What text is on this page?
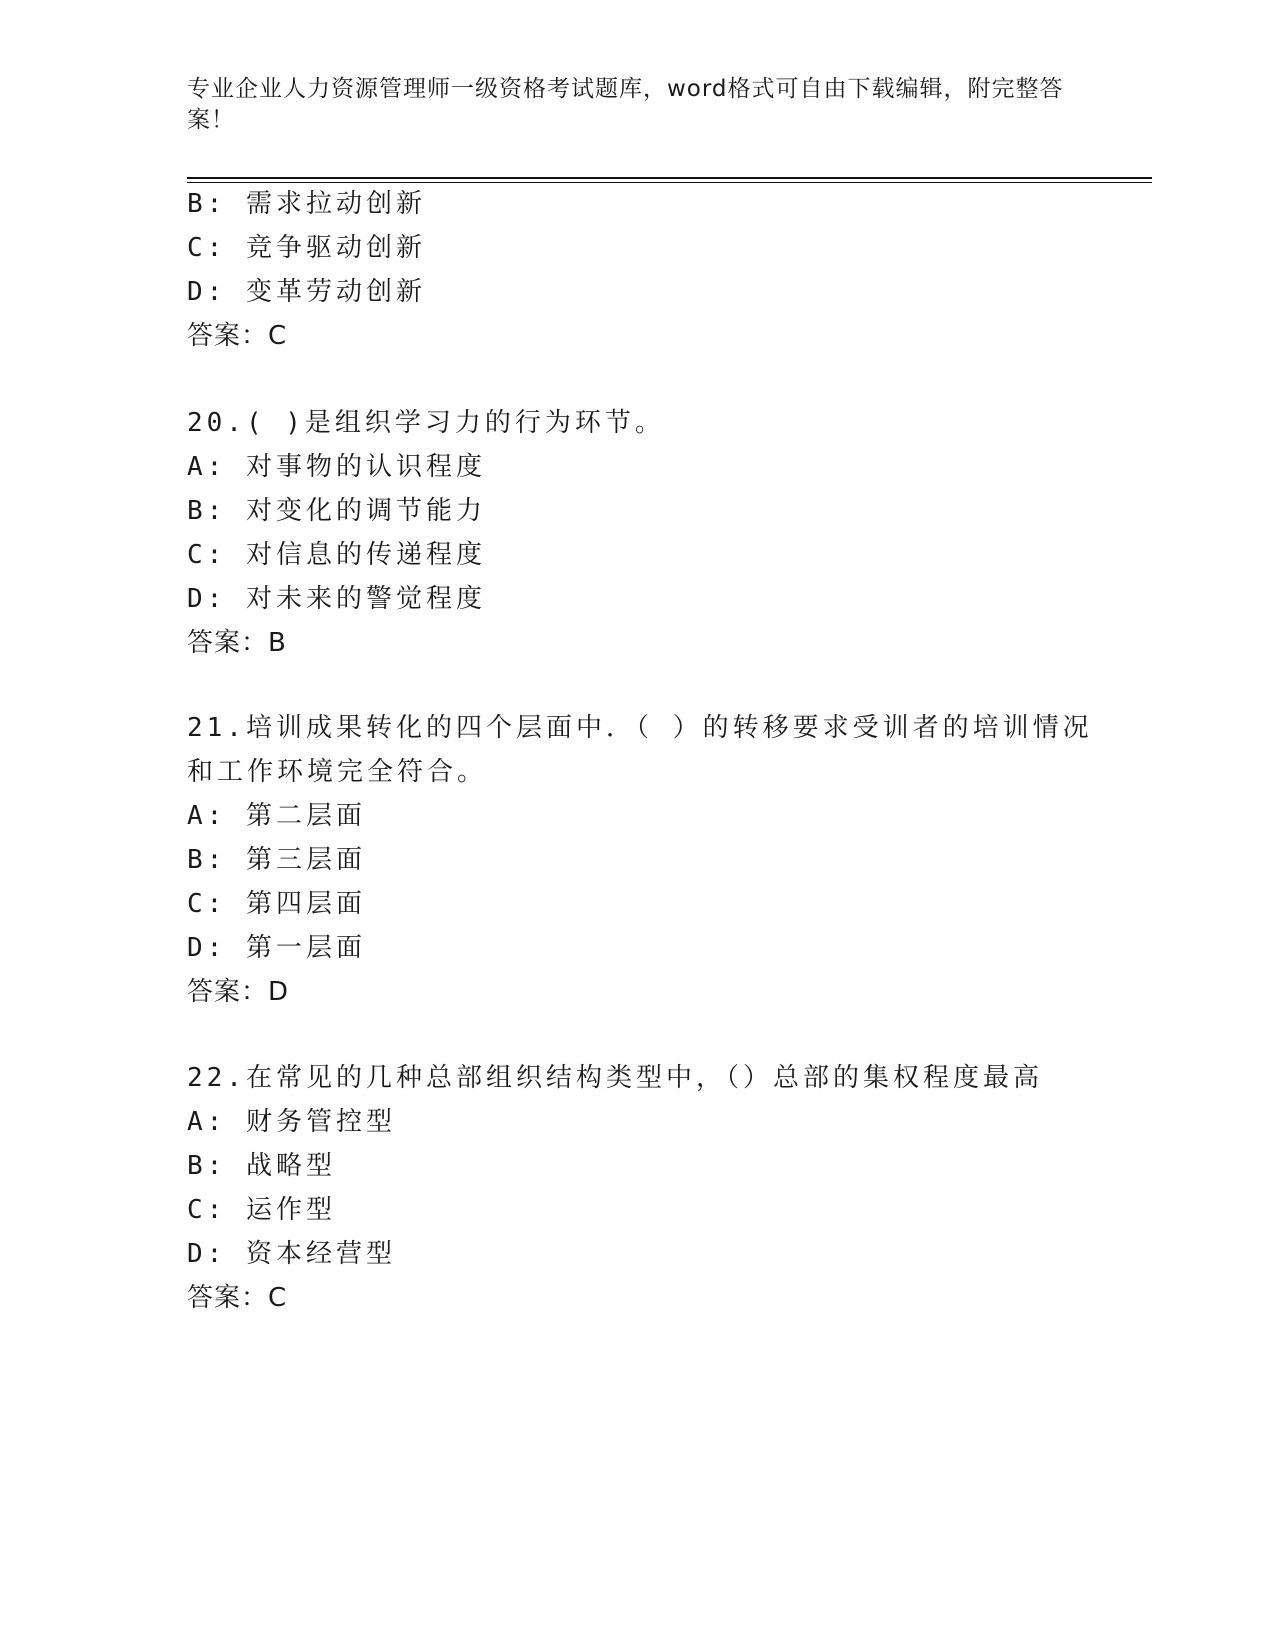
专业企业人力资源管理师一级资格考试题库，word格式可自由下载编辑，附完整答案！
B: 需求拉动创新
C: 竞争驱动创新
D: 变革劳动创新
答案：C
20.( )是组织学习力的行为环节。
A: 对事物的认识程度
B: 对变化的调节能力
C: 对信息的传递程度
D: 对未来的警觉程度
答案：B
21.培训成果转化的四个层面中．（ ）的转移要求受训者的培训情况
和工作环境完全符合。
A: 第二层面
B: 第三层面
C: 第四层面
D: 第一层面
答案：D
22.在常见的几种总部组织结构类型中，（）总部的集权程度最高
A: 财务管控型
B: 战略型
C: 运作型
D: 资本经营型
答案：C
